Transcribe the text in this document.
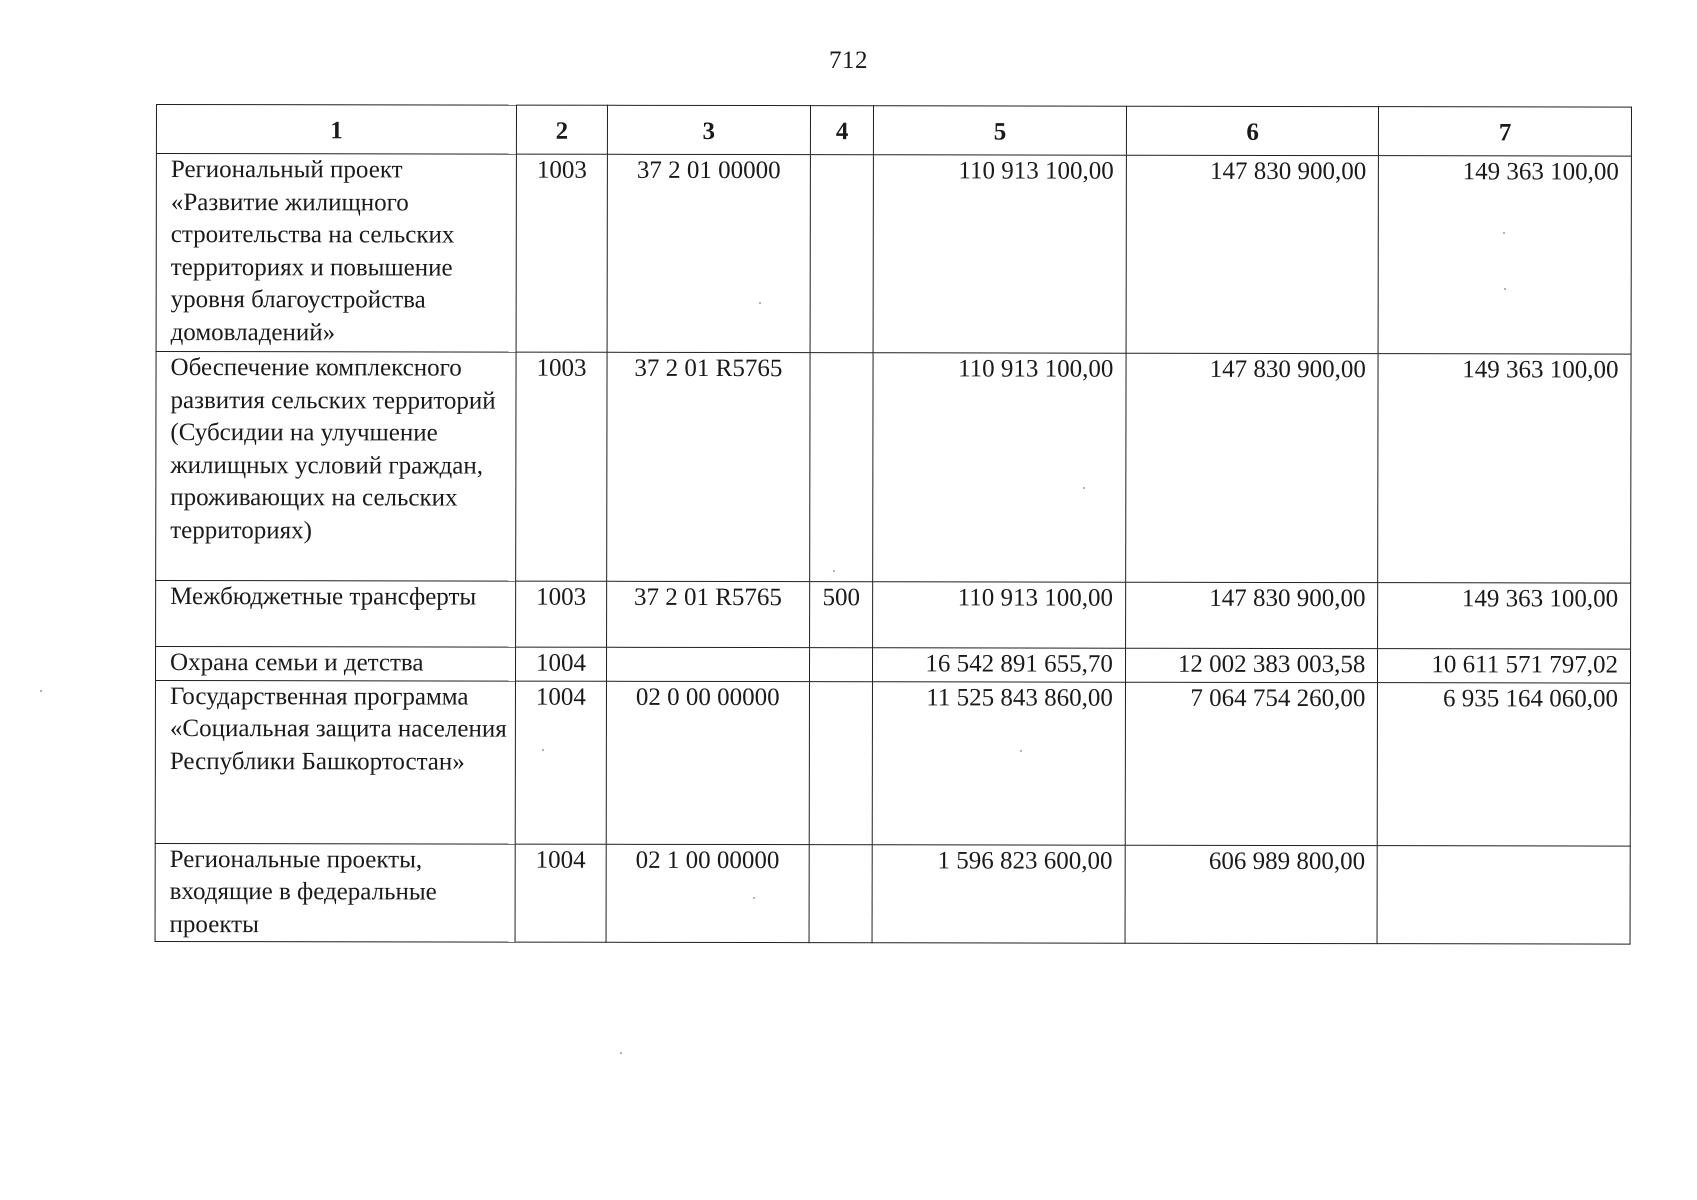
712
1	2	3	4	5	6	7
Региональный проект «Развитие жилищного строительства на сельских территориях и повышение уровня благоустройства домовладений»	1003	37 2 01 00000		110 913 100,00	147 830 900,00	149 363 100,00
Обеспечение комплексного развития сельских территорий (Субсидии на улучшение жилищных условий граждан, проживающих на сельских территориях)	1003	37 2 01 R5765		110 913 100,00	147 830 900,00	149 363 100,00
Межбюджетные трансферты	1003	37 2 01 R5765	500	110 913 100,00	147 830 900,00	149 363 100,00
Охрана семьи и детства	1004			16 542 891 655,70	12 002 383 003,58	10 611 571 797,02
Государственная программа «Социальная защита населения Республики Башкортостан»	1004	02 0 00 00000		11 525 843 860,00	7 064 754 260,00	6 935 164 060,00
Региональные проекты, входящие в федеральные проекты	1004	02 1 00 00000		1 596 823 600,00	606 989 800,00	
